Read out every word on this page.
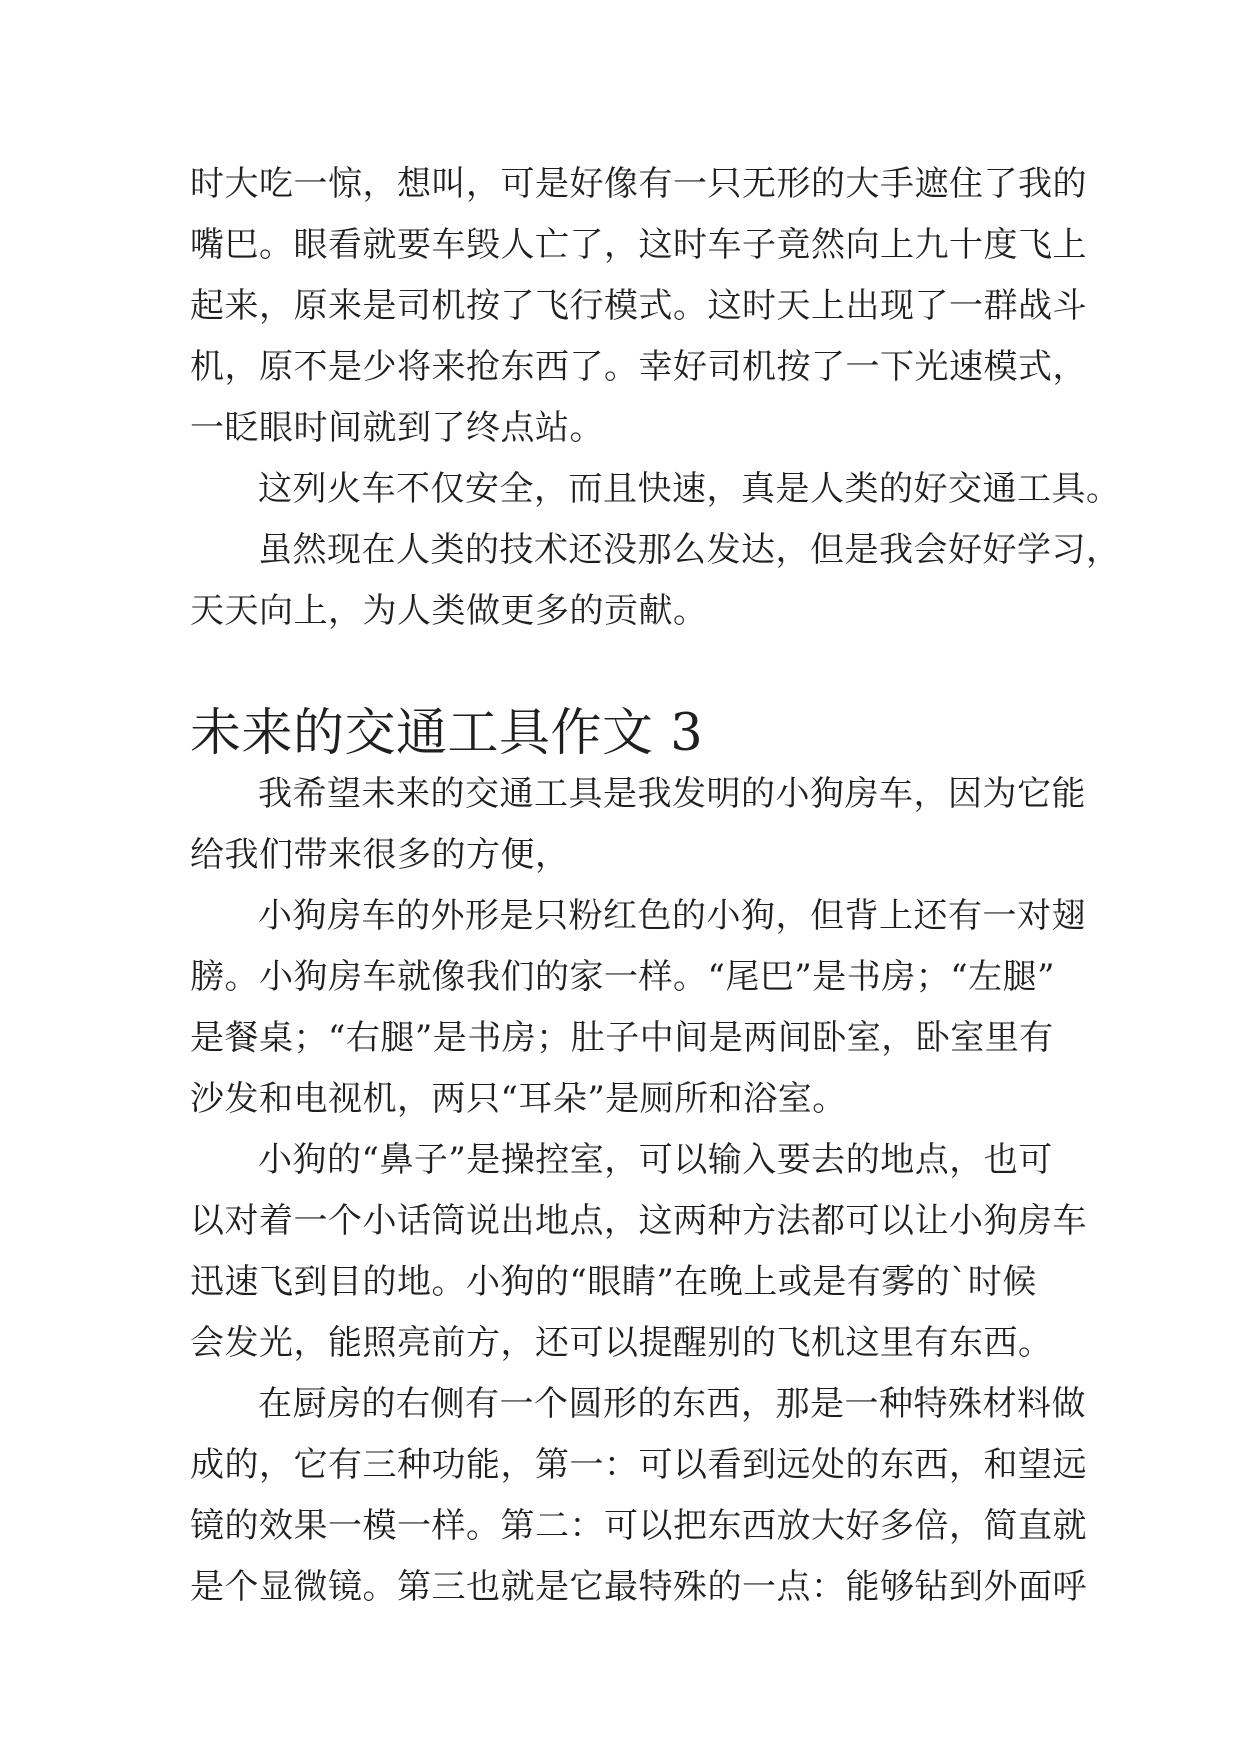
时大吃一惊，想叫，可是好像有一只无形的大手遮住了我的
嘴巴。眼看就要车毁人亡了，这时车子竟然向上九十度飞上
起来，原来是司机按了飞行模式。这时天上出现了一群战斗
机，原不是少将来抢东西了。幸好司机按了一下光速模式，
一眨眼时间就到了终点站。

这列火车不仅安全，而且快速，真是人类的好交通工具。

虽然现在人类的技术还没那么发达，但是我会好好学习，
天天向上，为人类做更多的贡献。

未来的交通工具作文 3

我希望未来的交通工具是我发明的小狗房车，因为它能
给我们带来很多的方便，

小狗房车的外形是只粉红色的小狗，但背上还有一对翅
膀。小狗房车就像我们的家一样。“尾巴”是书房；“左腿”
是餐桌；“右腿”是书房；肚子中间是两间卧室，卧室里有
沙发和电视机，两只“耳朵”是厕所和浴室。

小狗的“鼻子”是操控室，可以输入要去的地点，也可
以对着一个小话筒说出地点，这两种方法都可以让小狗房车
迅速飞到目的地。小狗的“眼睛”在晚上或是有雾的`时候
会发光，能照亮前方，还可以提醒别的飞机这里有东西。

在厨房的右侧有一个圆形的东西，那是一种特殊材料做
成的，它有三种功能，第一：可以看到远处的东西，和望远
镜的效果一模一样。第二：可以把东西放大好多倍，简直就
是个显微镜。第三也就是它最特殊的一点：能够钻到外面呼
